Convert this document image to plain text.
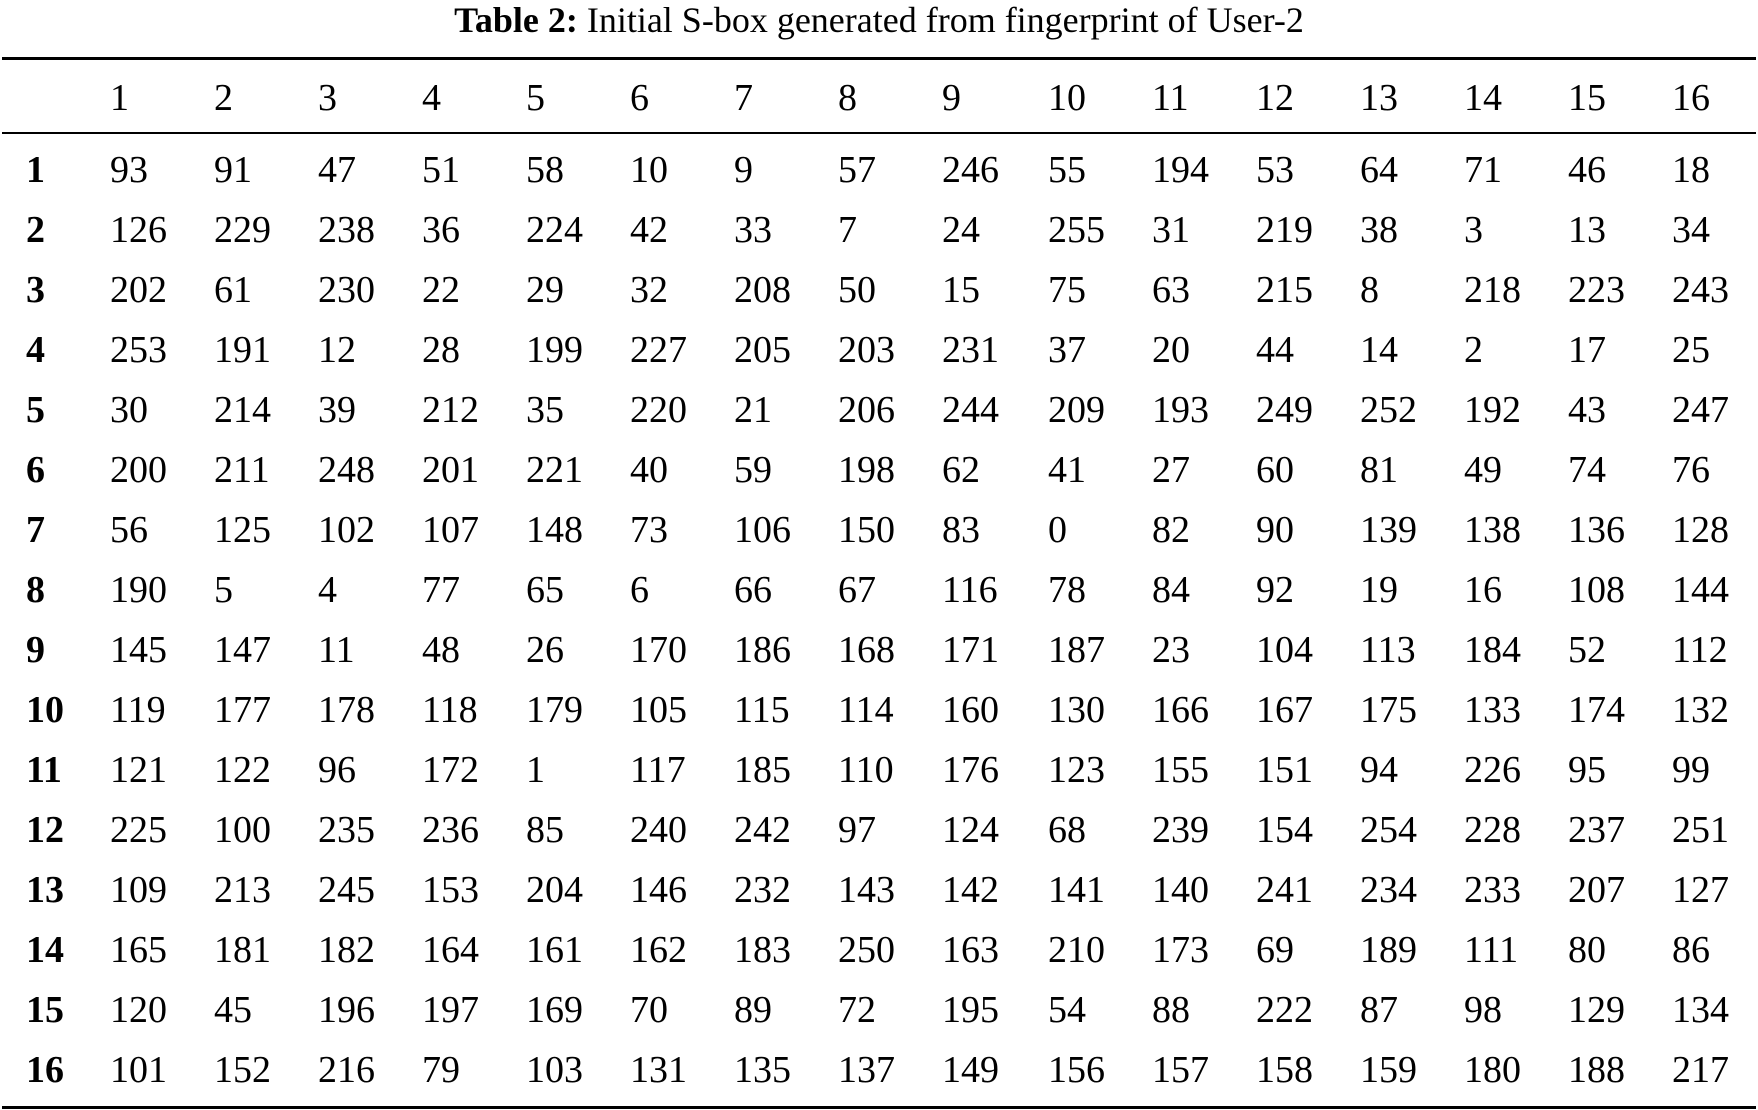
Table 2: Initial S-box generated from fingerprint of User-2
1 2 3 4 5 6 7 8 9 10 11 12 13 14 15 16
1 93 91 47 51 58 10 9 57 246 55 194 53 64 71 46 18
2 126 229 238 36 224 42 33 7 24 255 31 219 38 3 13 34
3 202 61 230 22 29 32 208 50 15 75 63 215 8 218 223 243
4 253 191 12 28 199 227 205 203 231 37 20 44 14 2 17 25
5 30 214 39 212 35 220 21 206 244 209 193 249 252 192 43 247
6 200 211 248 201 221 40 59 198 62 41 27 60 81 49 74 76
7 56 125 102 107 148 73 106 150 83 0 82 90 139 138 136 128
8 190 5 4 77 65 6 66 67 116 78 84 92 19 16 108 144
9 145 147 11 48 26 170 186 168 171 187 23 104 113 184 52 112
10 119 177 178 118 179 105 115 114 160 130 166 167 175 133 174 132
11 121 122 96 172 1 117 185 110 176 123 155 151 94 226 95 99
12 225 100 235 236 85 240 242 97 124 68 239 154 254 228 237 251
13 109 213 245 153 204 146 232 143 142 141 140 241 234 233 207 127
14 165 181 182 164 161 162 183 250 163 210 173 69 189 111 80 86
15 120 45 196 197 169 70 89 72 195 54 88 222 87 98 129 134
16 101 152 216 79 103 131 135 137 149 156 157 158 159 180 188 217
